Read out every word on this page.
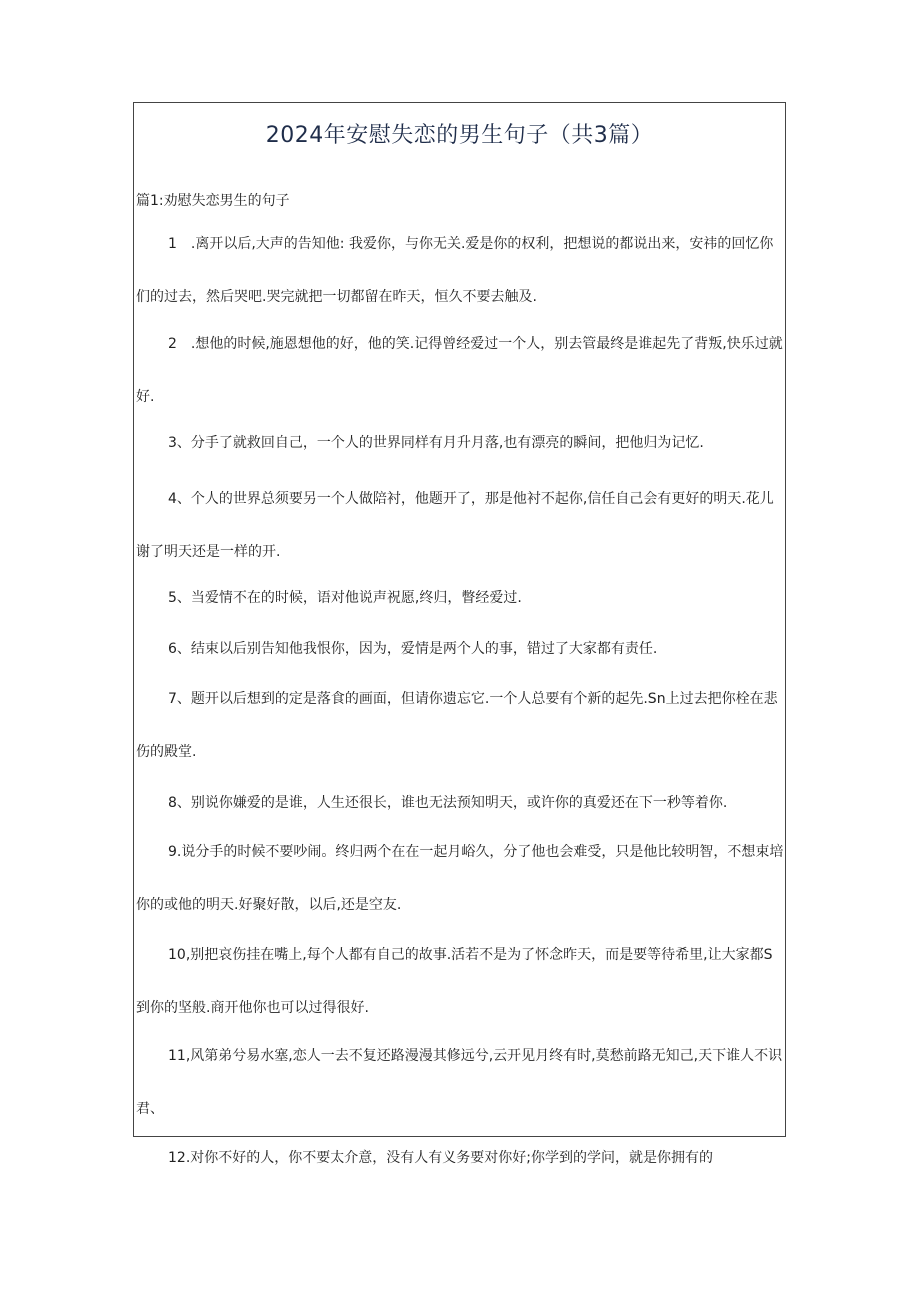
2024年安慰失恋的男生句子（共3篇）
篇1:劝慰失恋男生的句子
1　.离开以后,大声的告知他: 我爱你，与你无关.爱是你的权利，把想说的都说出来，安祎的回忆你们的过去，然后哭吧.哭完就把一切都留在昨天，恒久不要去触及.
2　.想他的时候,施恩想他的好，他的笑.记得曾经爱过一个人，别去管最终是谁起先了背叛,快乐过就好.
3、分手了就救回自己，一个人的世界同样有月升月落,也有漂亮的瞬间，把他归为记忆.
4、个人的世界总须要另一个人做陪衬，他题开了，那是他衬不起你,信任自己会有更好的明天.花儿谢了明天还是一样的开.
5、当爱情不在的时候，语对他说声祝愿,终归，瞥经爱过.
6、结束以后别告知他我恨你，因为，爱情是两个人的事，错过了大家都有责任.
7、题开以后想到的定是落食的画面，但请你遗忘它.一个人总要有个新的起先.Sn上过去把你栓在悲伤的殿堂.
8、别说你嫌爱的是谁，人生还很长，谁也无法预知明天，或许你的真爱还在下一秒等着你.
9.说分手的时候不要吵闹。终归两个在在一起月峪久，分了他也会难受，只是他比较明智，不想束培你的或他的明天.好聚好散，以后,还是空友.
10,别把哀伤挂在嘴上,每个人都有自己的故事.活若不是为了怀念昨天，而是要等待希里,让大家都S到你的坚般.商开他你也可以过得很好.
11,风第弟兮易水塞,恋人一去不复还路漫漫其修远兮,云开见月终有时,莫愁前路无知己,天下谁人不识君、
12.对你不好的人，你不要太介意，没有人有义务要对你好;你学到的学问，就是你拥有的
